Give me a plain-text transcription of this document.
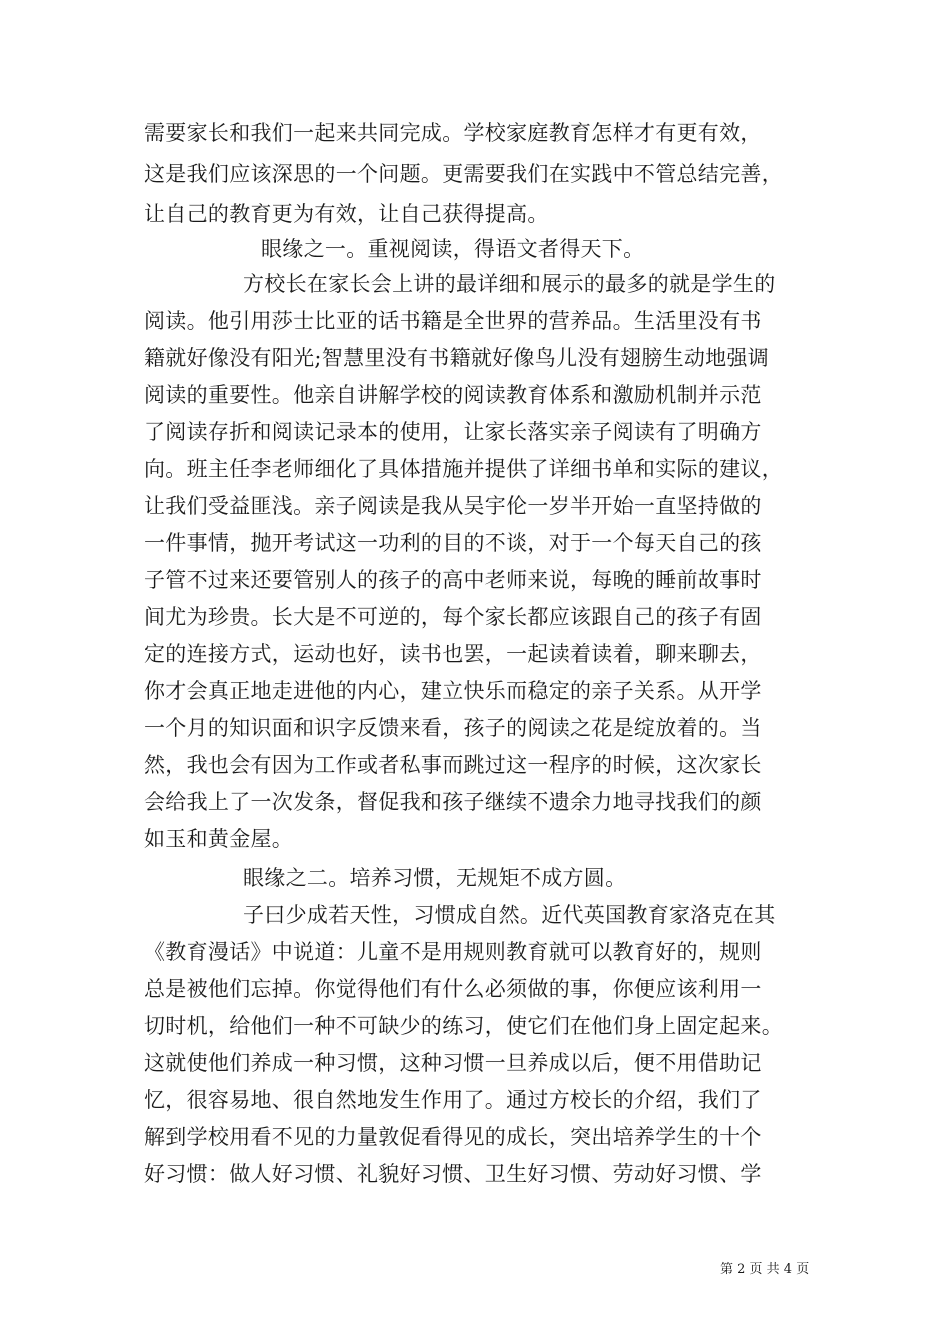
需要家长和我们一起来共同完成。学校家庭教育怎样才有更有效，
这是我们应该深思的一个问题。更需要我们在实践中不管总结完善，
让自己的教育更为有效，让自己获得提高。
眼缘之一。重视阅读，得语文者得天下。
方校长在家长会上讲的最详细和展示的最多的就是学生的
阅读。他引用莎士比亚的话书籍是全世界的营养品。生活里没有书
籍就好像没有阳光;智慧里没有书籍就好像鸟儿没有翅膀生动地强调
阅读的重要性。他亲自讲解学校的阅读教育体系和激励机制并示范
了阅读存折和阅读记录本的使用，让家长落实亲子阅读有了明确方
向。班主任李老师细化了具体措施并提供了详细书单和实际的建议，
让我们受益匪浅。亲子阅读是我从吴宇伦一岁半开始一直坚持做的
一件事情，抛开考试这一功利的目的不谈，对于一个每天自己的孩
子管不过来还要管别人的孩子的高中老师来说，每晚的睡前故事时
间尤为珍贵。长大是不可逆的，每个家长都应该跟自己的孩子有固
定的连接方式，运动也好，读书也罢，一起读着读着，聊来聊去，
你才会真正地走进他的内心，建立快乐而稳定的亲子关系。从开学
一个月的知识面和识字反馈来看，孩子的阅读之花是绽放着的。当
然，我也会有因为工作或者私事而跳过这一程序的时候，这次家长
会给我上了一次发条，督促我和孩子继续不遗余力地寻找我们的颜
如玉和黄金屋。
眼缘之二。培养习惯，无规矩不成方圆。
子曰少成若天性，习惯成自然。近代英国教育家洛克在其
《教育漫话》中说道：儿童不是用规则教育就可以教育好的，规则
总是被他们忘掉。你觉得他们有什么必须做的事，你便应该利用一
切时机，给他们一种不可缺少的练习，使它们在他们身上固定起来。
这就使他们养成一种习惯，这种习惯一旦养成以后，便不用借助记
忆，很容易地、很自然地发生作用了。通过方校长的介绍，我们了
解到学校用看不见的力量敦促看得见的成长，突出培养学生的十个
好习惯：做人好习惯、礼貌好习惯、卫生好习惯、劳动好习惯、学
第 2 页 共 4 页
